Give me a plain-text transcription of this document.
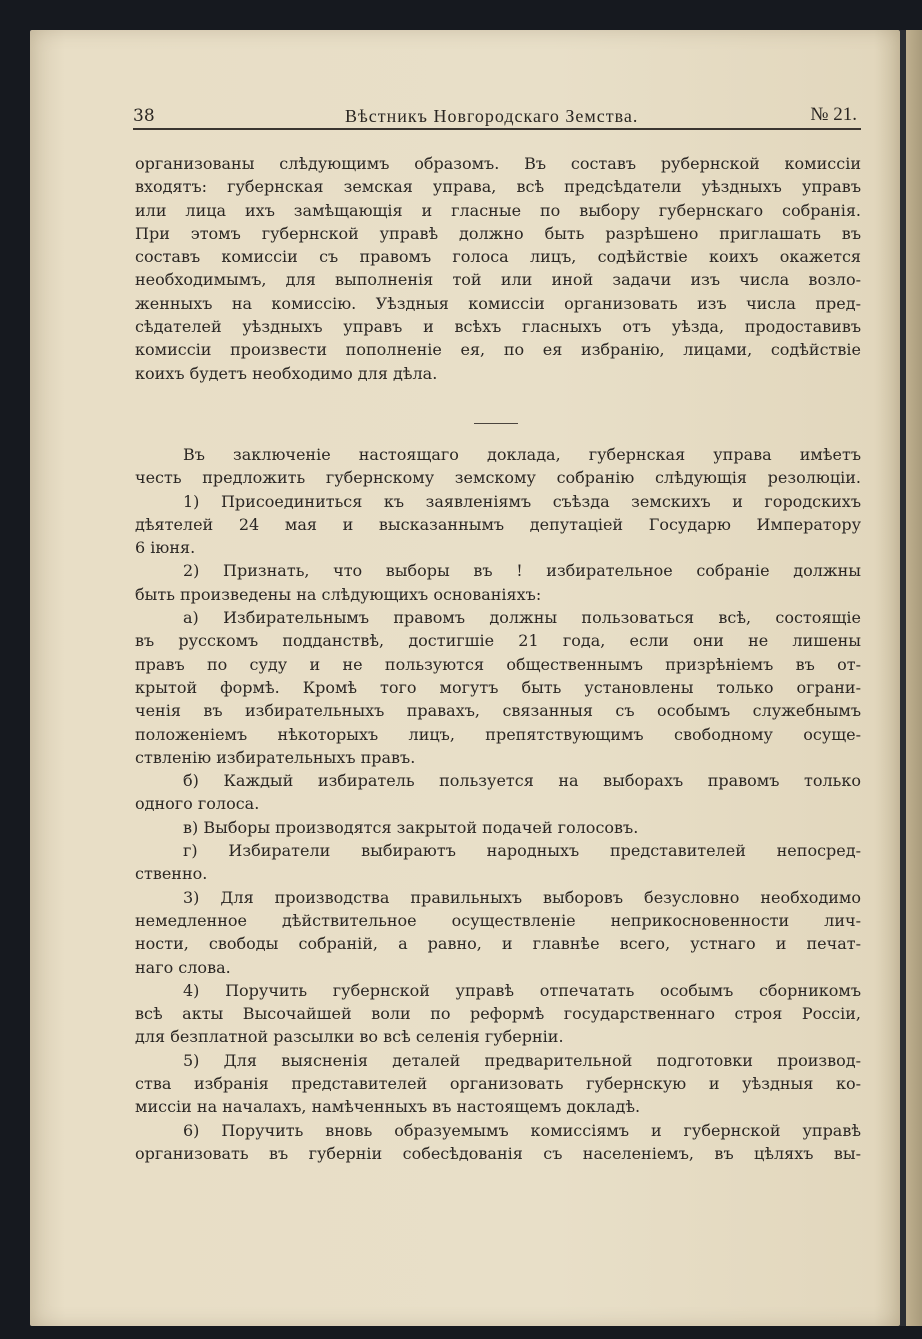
38	Вѣстникъ Новгородскаго Земства.	№ 21.
организованы слѣдующимъ образомъ. Въ составъ рубернской комиссіи
входятъ: губернская земская управа, всѣ предсѣдатели уѣздныхъ управъ
или лица ихъ замѣщающія и гласные по выбору губернскаго собранія.
При этомъ губернской управѣ должно быть разрѣшено приглашать въ
составъ комиссіи съ правомъ голоса лицъ, содѣйствіе коихъ окажется
необходимымъ, для выполненія той или иной задачи изъ числа возло-
женныхъ на комиссію. Уѣздныя комиссіи организовать изъ числа пред-
сѣдателей уѣздныхъ управъ и всѣхъ гласныхъ отъ уѣзда, продоставивъ
комиссіи произвести пополненіе ея, по ея избранію, лицами, содѣйствіе
коихъ будетъ необходимо для дѣла.
Въ заключеніе настоящаго доклада, губернская управа имѣетъ
честь предложить губернскому земскому собранію слѣдующія резолюціи.
1) Присоединиться къ заявленіямъ съѣзда земскихъ и городскихъ
дѣятелей 24 мая и высказаннымъ депутаціей Государю Императору
6 іюня.
2) Признать, что выборы въ ! избирательное собраніе должны
быть произведены на слѣдующихъ основаніяхъ:
а) Избирательнымъ правомъ должны пользоваться всѣ, состоящіе
въ русскомъ подданствѣ, достигшіе 21 года, если они не лишены
правъ по суду и не пользуются общественнымъ призрѣніемъ въ от-
крытой формѣ. Кромѣ того могутъ быть установлены только ограни-
ченія въ избирательныхъ правахъ, связанныя съ особымъ служебнымъ
положеніемъ нѣкоторыхъ лицъ, препятствующимъ свободному осуще-
ствленію избирательныхъ правъ.
б) Каждый избиратель пользуется на выборахъ правомъ только
одного голоса.
в) Выборы производятся закрытой подачей голосовъ.
г) Избиратели выбираютъ народныхъ представителей непосред-
ственно.
3) Для производства правильныхъ выборовъ безусловно необходимо
немедленное дѣйствительное осуществленіе неприкосновенности лич-
ности, свободы собраній, а равно, и главнѣе всего, устнаго и печат-
наго слова.
4) Поручить губернской управѣ отпечатать особымъ сборникомъ
всѣ акты Высочайшей воли по реформѣ государственнаго строя Россіи,
для безплатной разсылки во всѣ селенія губерніи.
5) Для выясненія деталей предварительной подготовки производ-
ства избранія представителей организовать губернскую и уѣздныя ко-
миссіи на началахъ, намѣченныхъ въ настоящемъ докладѣ.
6) Поручить вновь образуемымъ комиссіямъ и губернской управѣ
организовать въ губерніи собесѣдованія съ населеніемъ, въ цѣляхъ вы-
